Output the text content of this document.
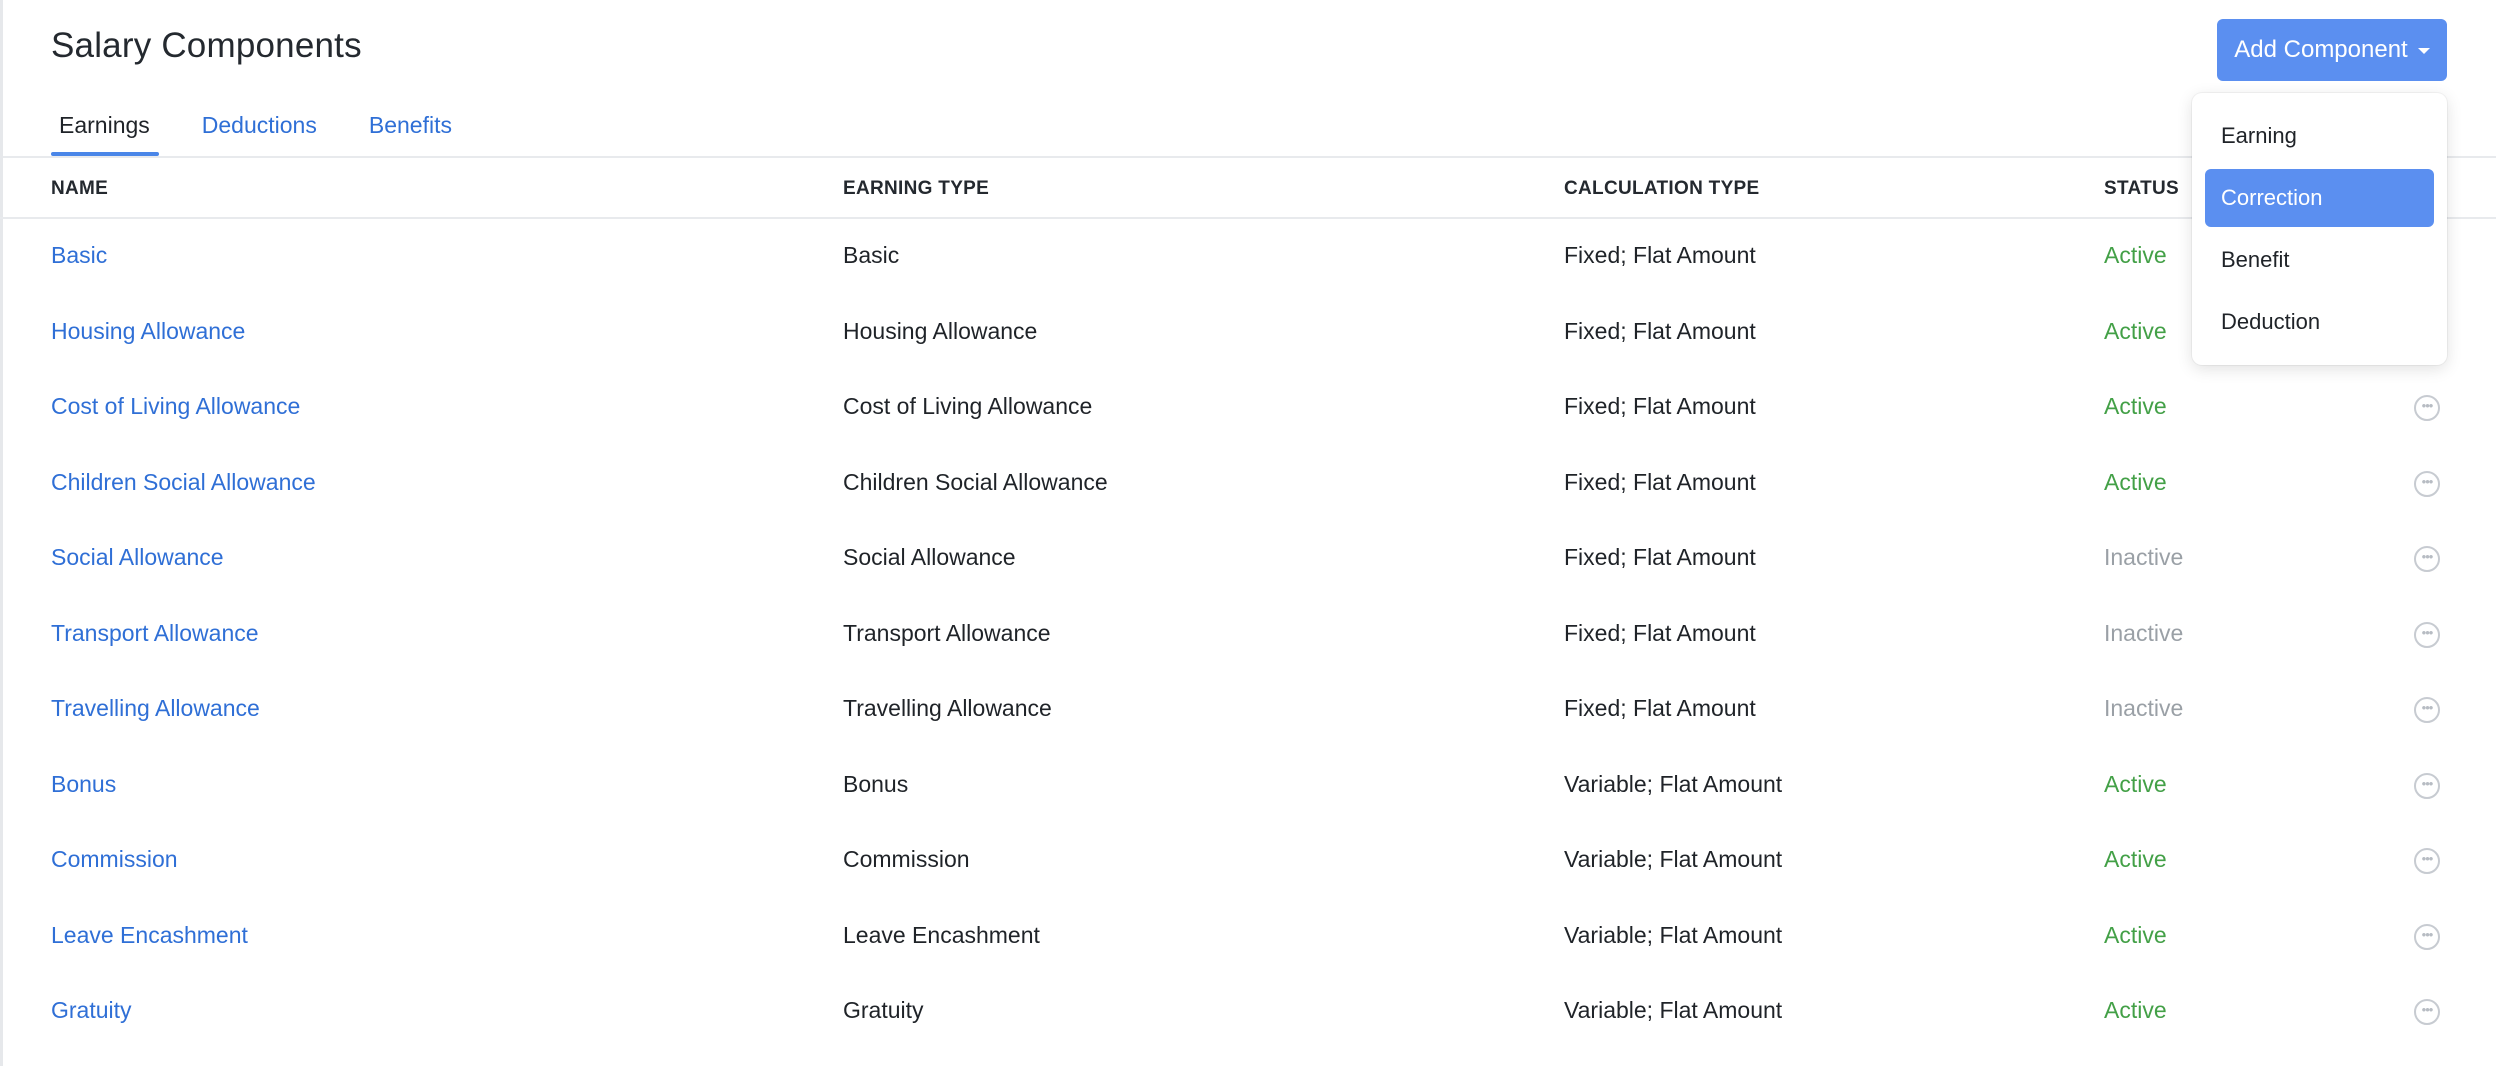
Salary Components	Add Component
Earnings	Deductions	Benefits
NAME	EARNING TYPE	CALCULATION TYPE	STATUS
Basic	Basic	Fixed; Flat Amount	Active
Housing Allowance	Housing Allowance	Fixed; Flat Amount	Active
Cost of Living Allowance	Cost of Living Allowance	Fixed; Flat Amount	Active	•••
Children Social Allowance	Children Social Allowance	Fixed; Flat Amount	Active	•••
Social Allowance	Social Allowance	Fixed; Flat Amount	Inactive	•••
Transport Allowance	Transport Allowance	Fixed; Flat Amount	Inactive	•••
Travelling Allowance	Travelling Allowance	Fixed; Flat Amount	Inactive	•••
Bonus	Bonus	Variable; Flat Amount	Active	•••
Commission	Commission	Variable; Flat Amount	Active	•••
Leave Encashment	Leave Encashment	Variable; Flat Amount	Active	•••
Gratuity	Gratuity	Variable; Flat Amount	Active	•••
Earning
Correction
Benefit
Deduction
